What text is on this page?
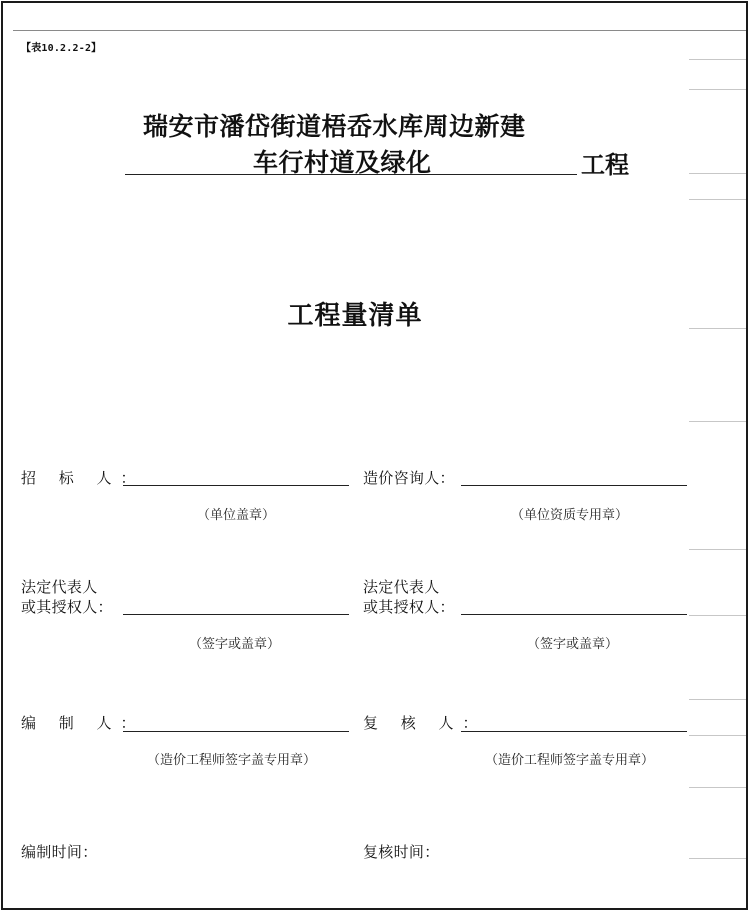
【表10.2.2-2】
瑞安市潘岱街道梧岙水库周边新建
车行村道及绿化	工程
工程量清单
招 标 人：
（单位盖章）
造价咨询人：
（单位资质专用章）
法定代表人
或其授权人：
（签字或盖章）
法定代表人
或其授权人：
（签字或盖章）
编 制 人：
（造价工程师签字盖专用章）
复 核 人：
（造价工程师签字盖专用章）
编制时间：	复核时间：
